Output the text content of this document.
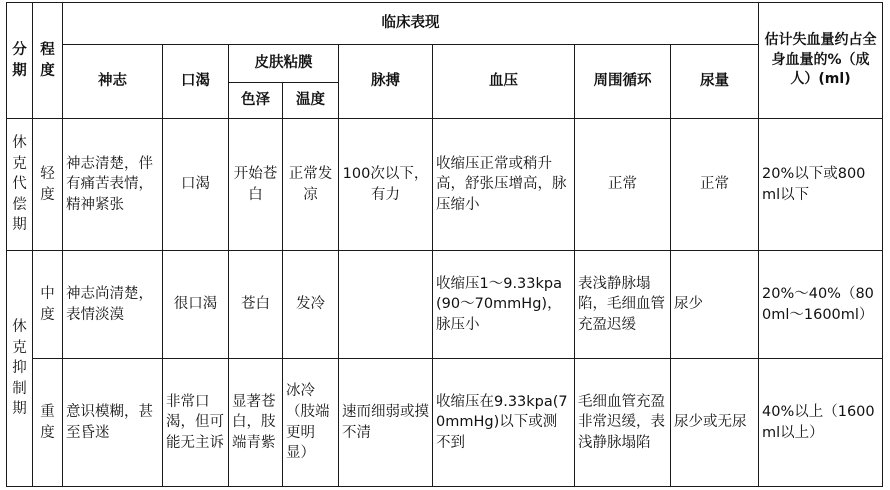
分期	程度	临床表现								估计失血量约占全身血量的%（成人）(ml)
		神志	口渴	皮肤粘膜		脉搏	血压	周围循环	尿量	
				色泽	温度					
休克代偿期	轻度	神志清楚，伴有痛苦表情，精神紧张	口渴	开始苍白	正常发凉	100次以下，有力	收缩压正常或稍升高，舒张压增高，脉压缩小	正常	正常	20%以下或800ml以下
休克抑制期	中度	神志尚清楚，表情淡漠	很口渴	苍白	发冷		收缩压1～9.33kpa(90～70mmHg)，脉压小	表浅静脉塌陷，毛细血管充盈迟缓	尿少	20%～40%（800ml～1600ml）
	重度	意识模糊，甚至昏迷	非常口渴，但可能无主诉	显著苍白，肢端青紫	冰冷（肢端更明显）	速而细弱或摸不清	收缩压在9.33kpa(70mmHg)以下或测不到	毛细血管充盈非常迟缓，表浅静脉塌陷	尿少或无尿	40%以上（1600ml以上）
